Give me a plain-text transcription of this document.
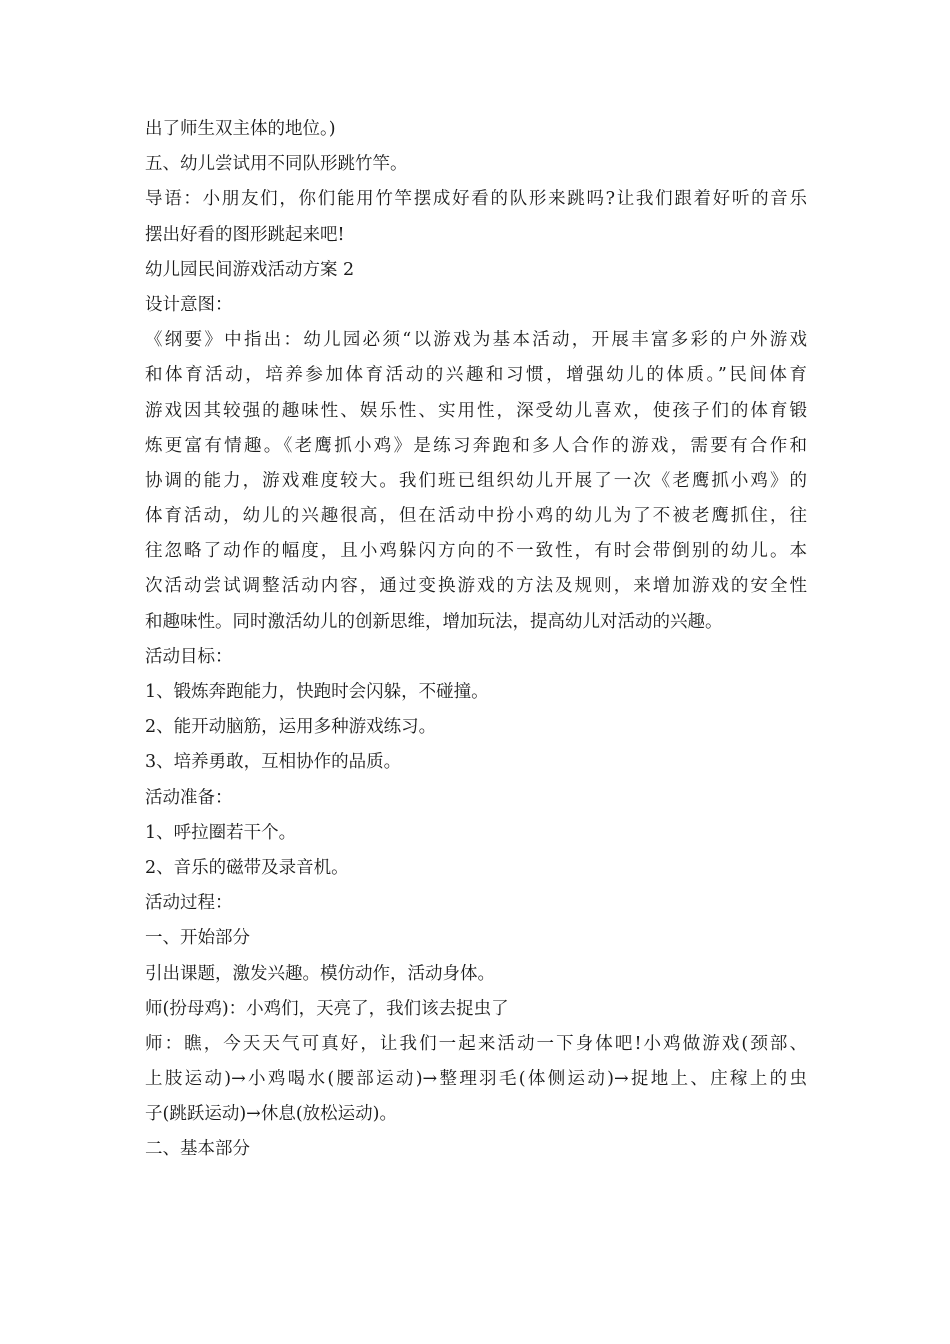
出了师生双主体的地位。)
五、幼儿尝试用不同队形跳竹竿。
导语：小朋友们，你们能用竹竿摆成好看的队形来跳吗?让我们跟着好听的音乐
摆出好看的图形跳起来吧!
幼儿园民间游戏活动方案 2
设计意图：
《纲要》中指出：幼儿园必须“以游戏为基本活动，开展丰富多彩的户外游戏
和体育活动，培养参加体育活动的兴趣和习惯，增强幼儿的体质。”民间体育
游戏因其较强的趣味性、娱乐性、实用性，深受幼儿喜欢，使孩子们的体育锻
炼更富有情趣。《老鹰抓小鸡》是练习奔跑和多人合作的游戏，需要有合作和
协调的能力，游戏难度较大。我们班已组织幼儿开展了一次《老鹰抓小鸡》的
体育活动，幼儿的兴趣很高，但在活动中扮小鸡的幼儿为了不被老鹰抓住，往
往忽略了动作的幅度，且小鸡躲闪方向的不一致性，有时会带倒别的幼儿。本
次活动尝试调整活动内容，通过变换游戏的方法及规则，来增加游戏的安全性
和趣味性。同时激活幼儿的创新思维，增加玩法，提高幼儿对活动的兴趣。
活动目标：
1、锻炼奔跑能力，快跑时会闪躲，不碰撞。
2、能开动脑筋，运用多种游戏练习。
3、培养勇敢，互相协作的品质。
活动准备：
1、呼拉圈若干个。
2、音乐的磁带及录音机。
活动过程：
一、开始部分
引出课题，激发兴趣。模仿动作，活动身体。
师(扮母鸡)：小鸡们，天亮了，我们该去捉虫了
师：瞧，今天天气可真好，让我们一起来活动一下身体吧!小鸡做游戏(颈部、
上肢运动)→小鸡喝水(腰部运动)→整理羽毛(体侧运动)→捉地上、庄稼上的虫
子(跳跃运动)→休息(放松运动)。
二、基本部分
